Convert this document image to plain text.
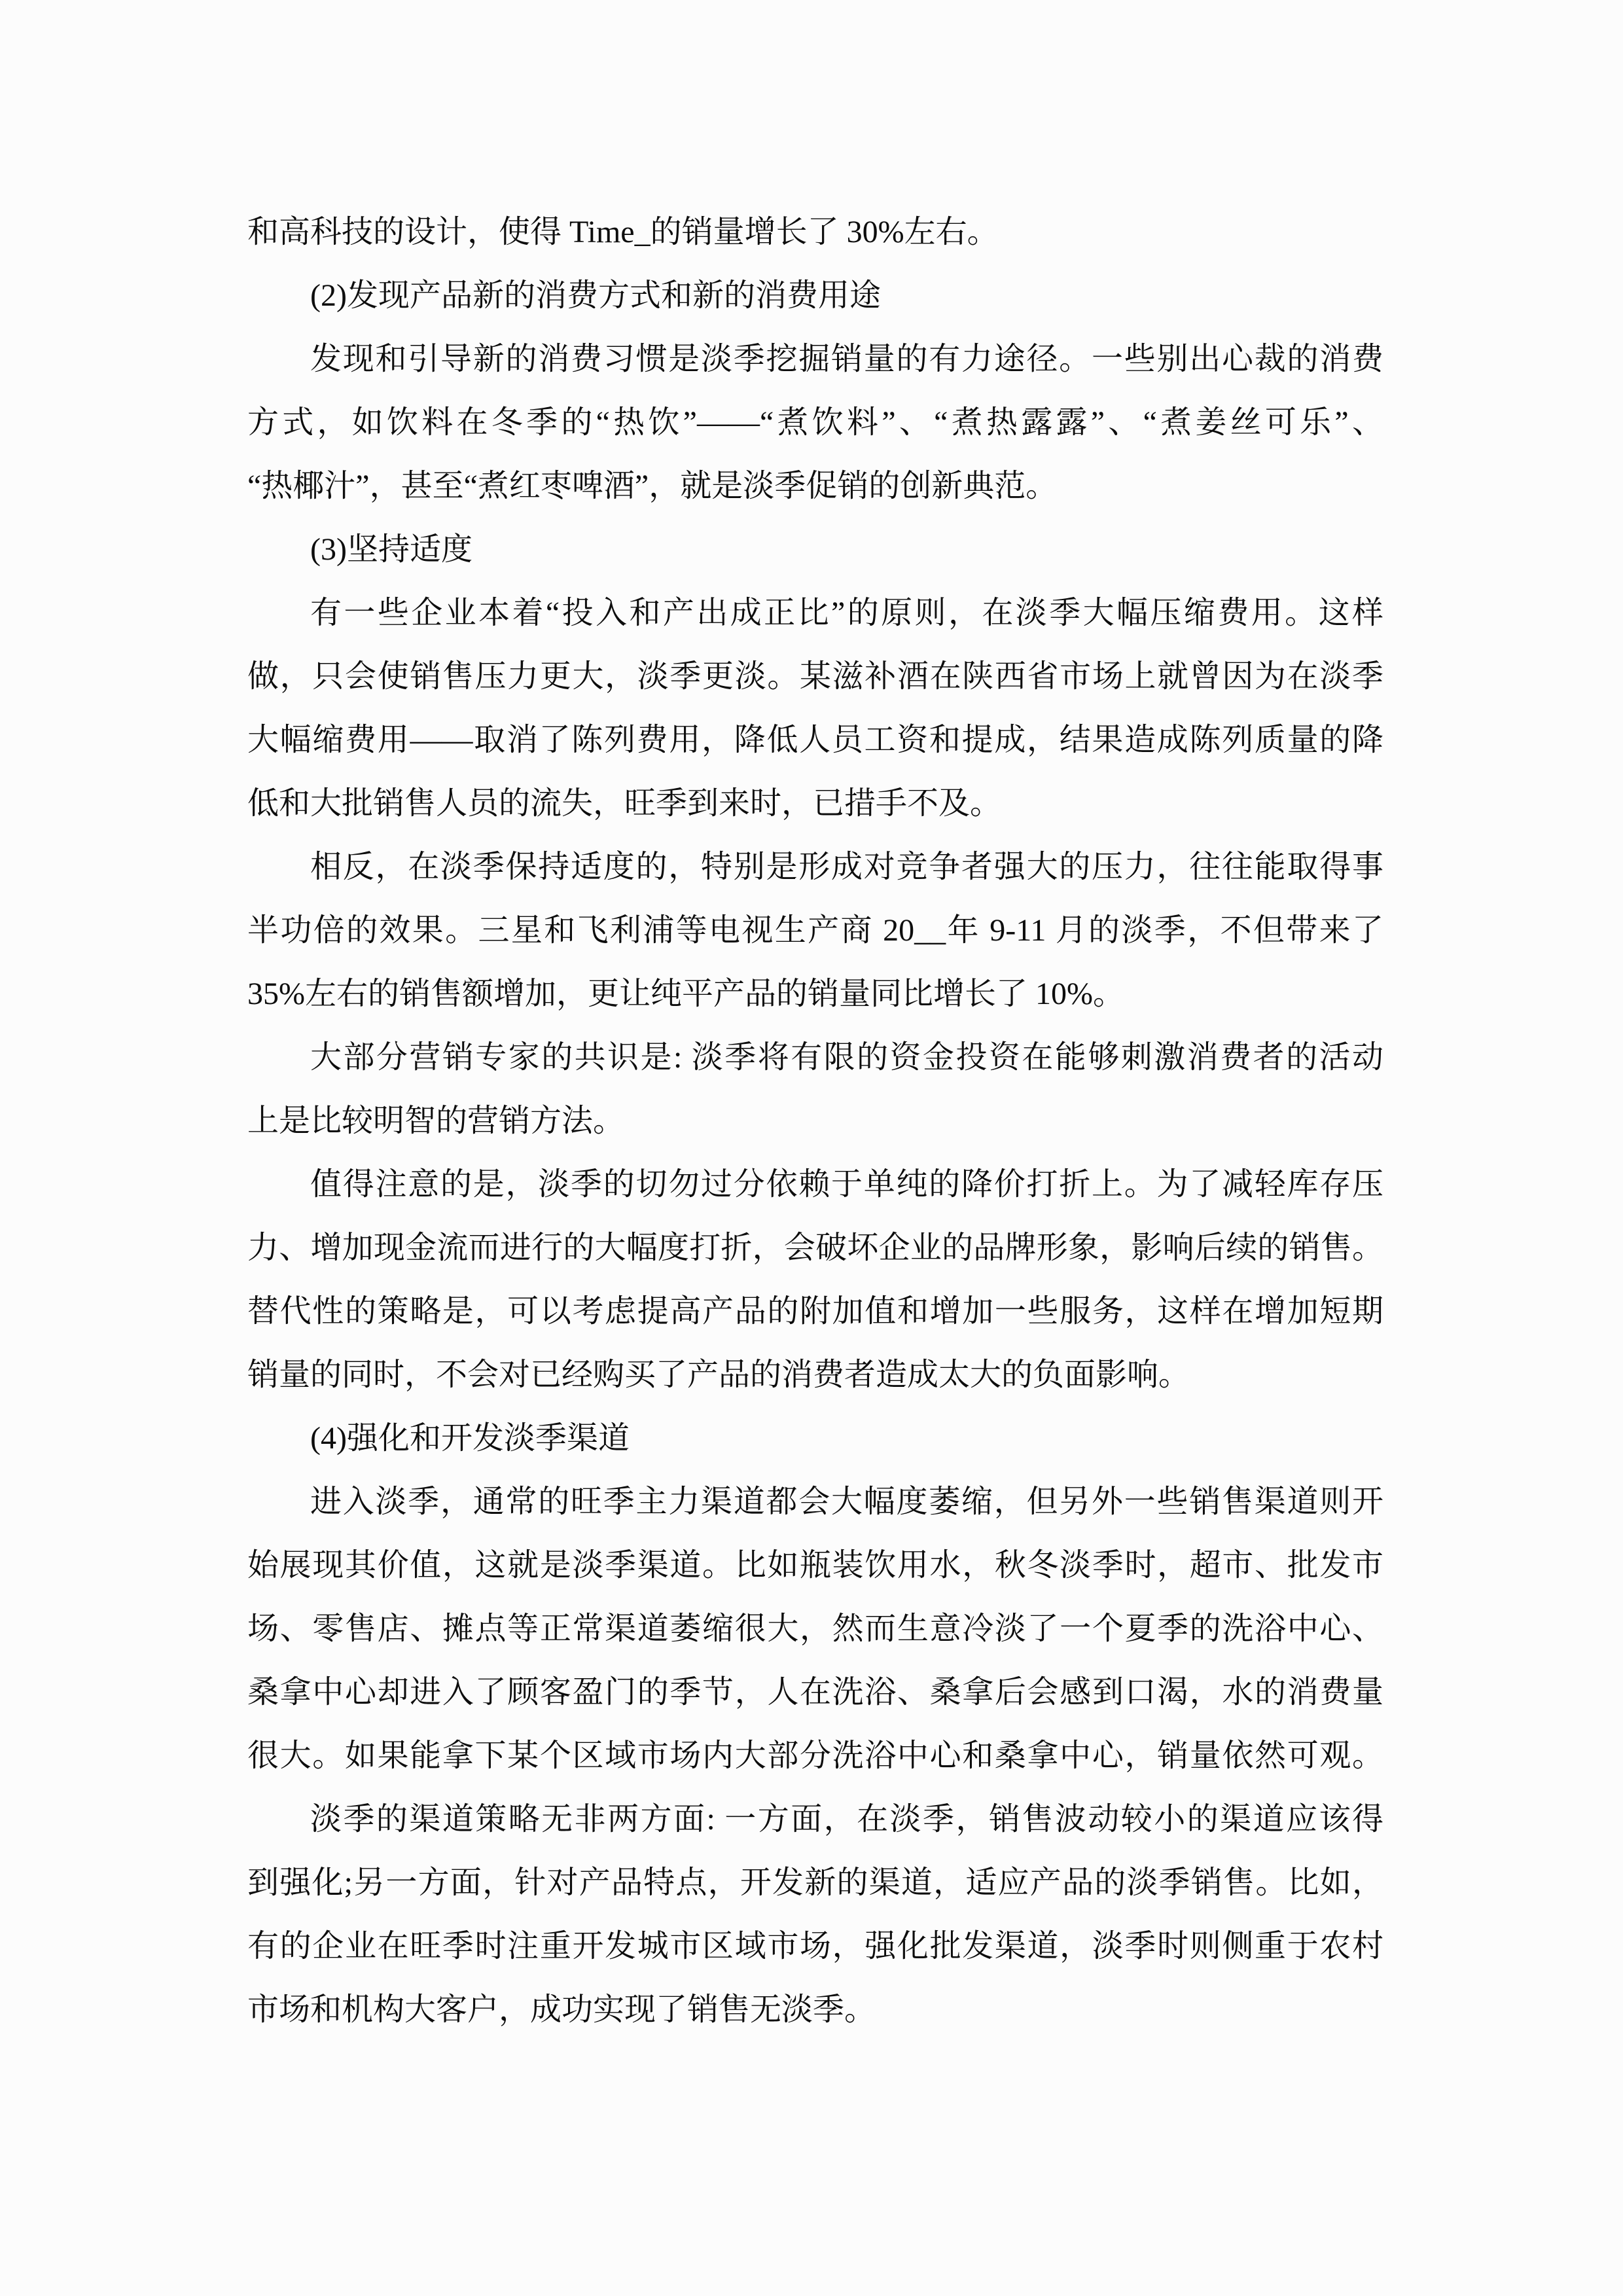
和高科技的设计，使得 Time_的销量增长了 30%左右。
(2)发现产品新的消费方式和新的消费用途
发现和引导新的消费习惯是淡季挖掘销量的有力途径。一些别出心裁的消费
方式，如饮料在冬季的“热饮”——“煮饮料”、“煮热露露”、“煮姜丝可乐”、
“热椰汁”，甚至“煮红枣啤酒”，就是淡季促销的创新典范。
(3)坚持适度
有一些企业本着“投入和产出成正比”的原则，在淡季大幅压缩费用。这样
做，只会使销售压力更大，淡季更淡。某滋补酒在陕西省市场上就曾因为在淡季
大幅缩费用——取消了陈列费用，降低人员工资和提成，结果造成陈列质量的降
低和大批销售人员的流失，旺季到来时，已措手不及。
相反，在淡季保持适度的，特别是形成对竞争者强大的压力，往往能取得事
半功倍的效果。三星和飞利浦等电视生产商 20__年 9-11 月的淡季，不但带来了
35%左右的销售额增加，更让纯平产品的销量同比增长了 10%。
大部分营销专家的共识是: 淡季将有限的资金投资在能够刺激消费者的活动
上是比较明智的营销方法。
值得注意的是，淡季的切勿过分依赖于单纯的降价打折上。为了减轻库存压
力、增加现金流而进行的大幅度打折，会破坏企业的品牌形象，影响后续的销售。
替代性的策略是，可以考虑提高产品的附加值和增加一些服务，这样在增加短期
销量的同时，不会对已经购买了产品的消费者造成太大的负面影响。
(4)强化和开发淡季渠道
进入淡季，通常的旺季主力渠道都会大幅度萎缩，但另外一些销售渠道则开
始展现其价值，这就是淡季渠道。比如瓶装饮用水，秋冬淡季时，超市、批发市
场、零售店、摊点等正常渠道萎缩很大，然而生意冷淡了一个夏季的洗浴中心、
桑拿中心却进入了顾客盈门的季节，人在洗浴、桑拿后会感到口渴，水的消费量
很大。如果能拿下某个区域市场内大部分洗浴中心和桑拿中心，销量依然可观。
淡季的渠道策略无非两方面: 一方面，在淡季，销售波动较小的渠道应该得
到强化;另一方面，针对产品特点，开发新的渠道，适应产品的淡季销售。比如，
有的企业在旺季时注重开发城市区域市场，强化批发渠道，淡季时则侧重于农村
市场和机构大客户，成功实现了销售无淡季。
